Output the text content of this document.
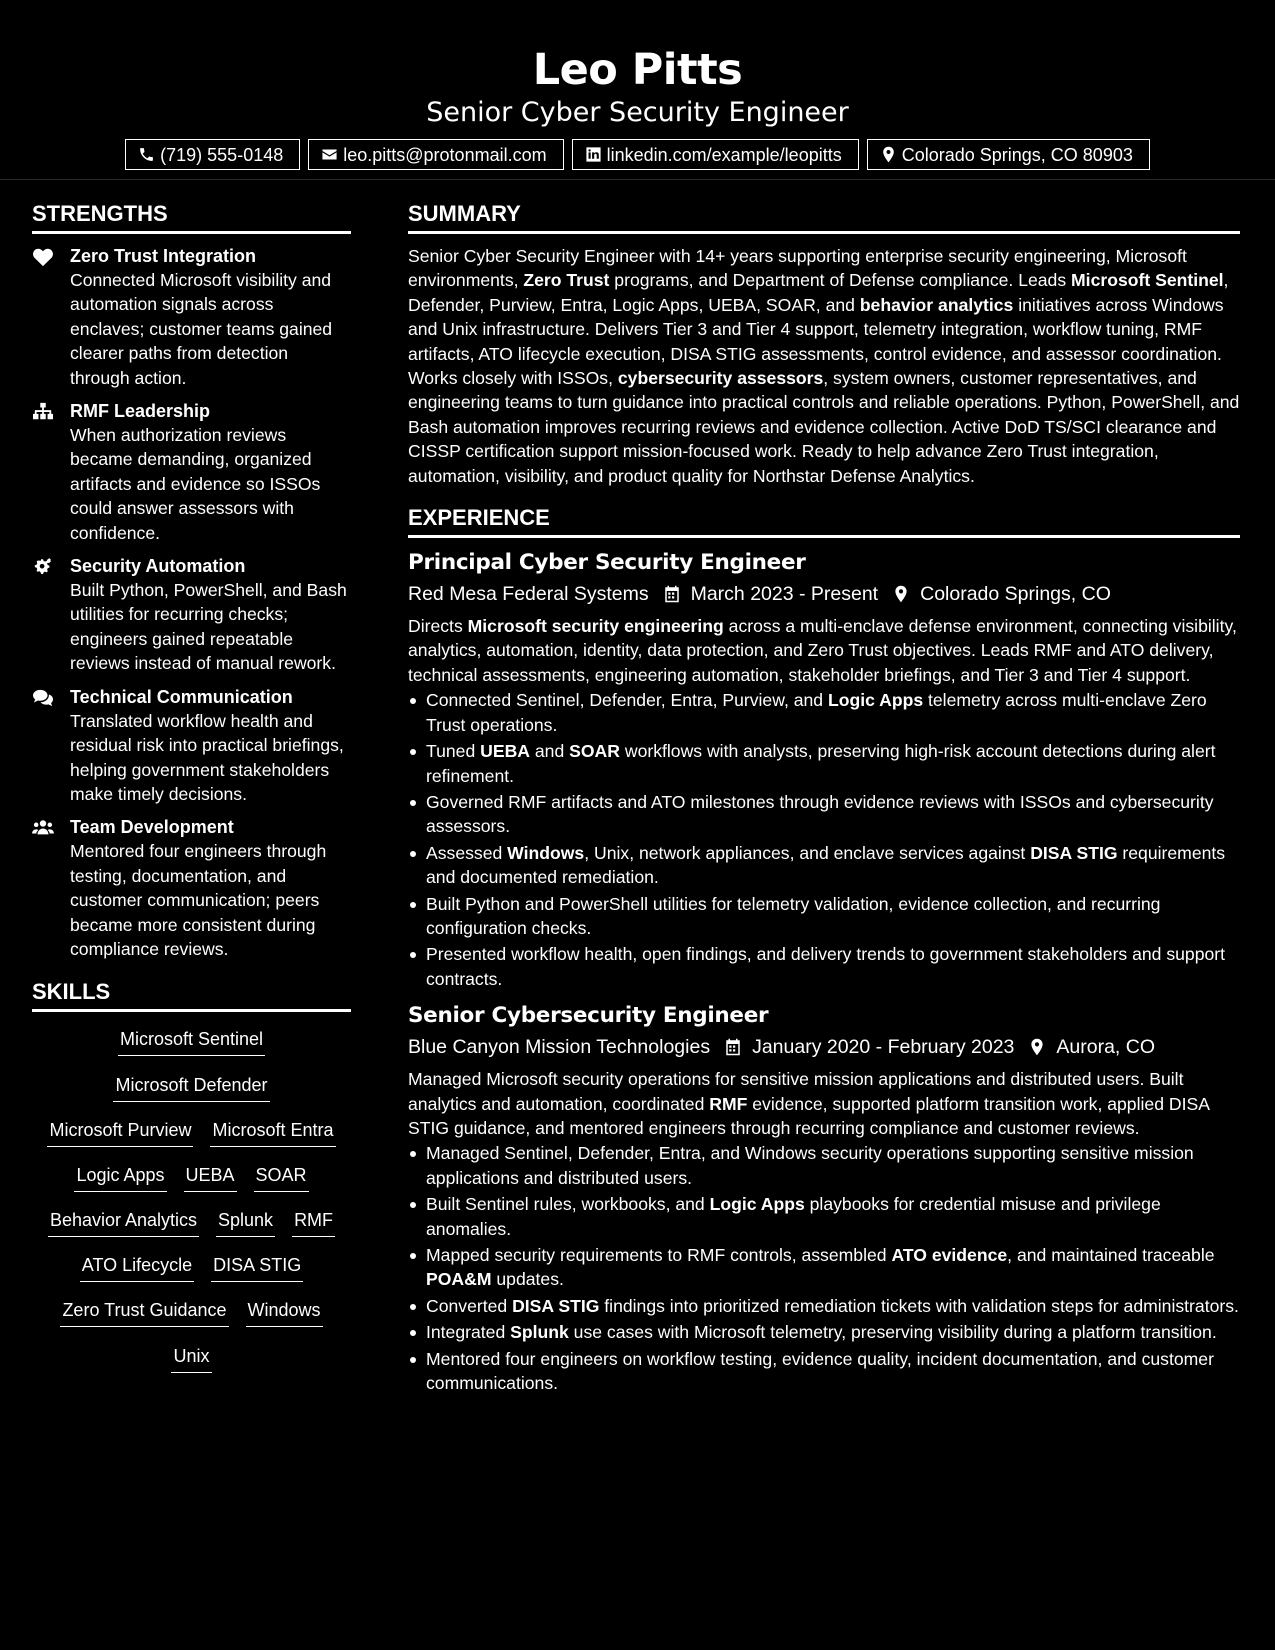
Leo Pitts
Senior Cyber Security Engineer
(719) 555-0148	leo.pitts@protonmail.com	linkedin.com/example/leopitts	Colorado Springs, CO 80903
STRENGTHS
Zero Trust Integration
Connected Microsoft visibility and automation signals across enclaves; customer teams gained clearer paths from detection through action.
RMF Leadership
When authorization reviews became demanding, organized artifacts and evidence so ISSOs could answer assessors with confidence.
Security Automation
Built Python, PowerShell, and Bash utilities for recurring checks; engineers gained repeatable reviews instead of manual rework.
Technical Communication
Translated workflow health and residual risk into practical briefings, helping government stakeholders make timely decisions.
Team Development
Mentored four engineers through testing, documentation, and customer communication; peers became more consistent during compliance reviews.
SKILLS
Microsoft Sentinel
Microsoft Defender
Microsoft Purview Microsoft Entra
Logic Apps UEBA SOAR
Behavior Analytics Splunk RMF
ATO Lifecycle DISA STIG
Zero Trust Guidance Windows
Unix
SUMMARY
Senior Cyber Security Engineer with 14+ years supporting enterprise security engineering, Microsoft environments, Zero Trust programs, and Department of Defense compliance. Leads Microsoft Sentinel, Defender, Purview, Entra, Logic Apps, UEBA, SOAR, and behavior analytics initiatives across Windows and Unix infrastructure. Delivers Tier 3 and Tier 4 support, telemetry integration, workflow tuning, RMF artifacts, ATO lifecycle execution, DISA STIG assessments, control evidence, and assessor coordination. Works closely with ISSOs, cybersecurity assessors, system owners, customer representatives, and engineering teams to turn guidance into practical controls and reliable operations. Python, PowerShell, and Bash automation improves recurring reviews and evidence collection. Active DoD TS/SCI clearance and CISSP certification support mission-focused work. Ready to help advance Zero Trust integration, automation, visibility, and product quality for Northstar Defense Analytics.
EXPERIENCE
Principal Cyber Security Engineer
Red Mesa Federal Systems March 2023 - Present Colorado Springs, CO
Directs Microsoft security engineering across a multi-enclave defense environment, connecting visibility, analytics, automation, identity, data protection, and Zero Trust objectives. Leads RMF and ATO delivery, technical assessments, engineering automation, stakeholder briefings, and Tier 3 and Tier 4 support.
Connected Sentinel, Defender, Entra, Purview, and Logic Apps telemetry across multi-enclave Zero Trust operations.
Tuned UEBA and SOAR workflows with analysts, preserving high-risk account detections during alert refinement.
Governed RMF artifacts and ATO milestones through evidence reviews with ISSOs and cybersecurity assessors.
Assessed Windows, Unix, network appliances, and enclave services against DISA STIG requirements and documented remediation.
Built Python and PowerShell utilities for telemetry validation, evidence collection, and recurring configuration checks.
Presented workflow health, open findings, and delivery trends to government stakeholders and support contracts.
Senior Cybersecurity Engineer
Blue Canyon Mission Technologies January 2020 - February 2023 Aurora, CO
Managed Microsoft security operations for sensitive mission applications and distributed users. Built analytics and automation, coordinated RMF evidence, supported platform transition work, applied DISA STIG guidance, and mentored engineers through recurring compliance and customer reviews.
Managed Sentinel, Defender, Entra, and Windows security operations supporting sensitive mission applications and distributed users.
Built Sentinel rules, workbooks, and Logic Apps playbooks for credential misuse and privilege anomalies.
Mapped security requirements to RMF controls, assembled ATO evidence, and maintained traceable POA&M updates.
Converted DISA STIG findings into prioritized remediation tickets with validation steps for administrators.
Integrated Splunk use cases with Microsoft telemetry, preserving visibility during a platform transition.
Mentored four engineers on workflow testing, evidence quality, incident documentation, and customer communications.
